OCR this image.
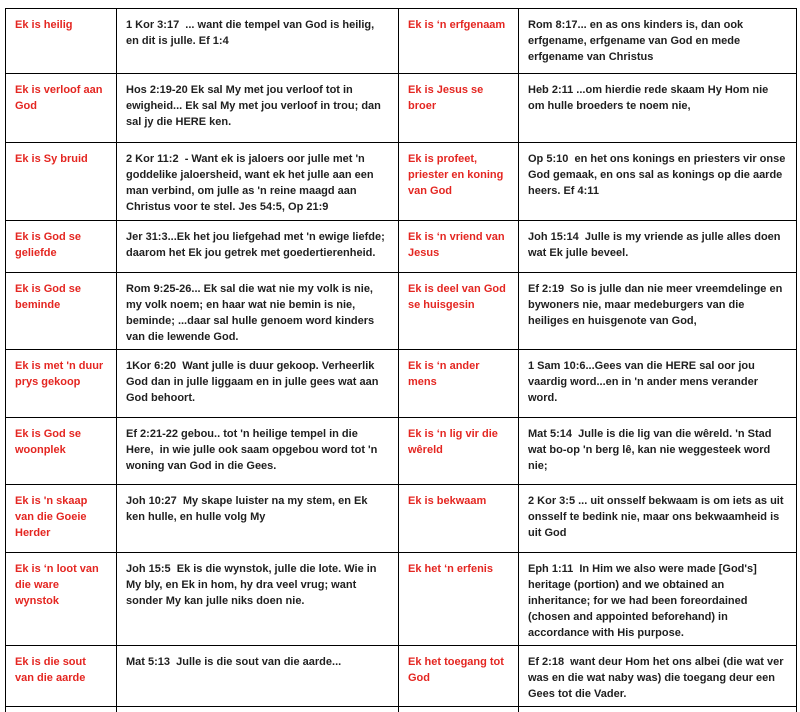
Ek is heilig	1 Kor 3:17  ... want die tempel van God is heilig, en dit is julle. Ef 1:4	Ek is ‘n erfgenaam	Rom 8:17... en as ons kinders is, dan ook erfgename, erfgename van God en mede erfgename van Christus
Ek is verloof aan God	Hos 2:19-20 Ek sal My met jou verloof tot in ewigheid... Ek sal My met jou verloof in trou; dan sal jy die HERE ken.	Ek is Jesus se broer	Heb 2:11 ...om hierdie rede skaam Hy Hom nie om hulle broeders te noem nie,
Ek is Sy bruid	2 Kor 11:2  - Want ek is jaloers oor julle met 'n goddelike jaloersheid, want ek het julle aan een man verbind, om julle as 'n reine maagd aan Christus voor te stel. Jes 54:5, Op 21:9	Ek is profeet, priester en koning van God	Op 5:10  en het ons konings en priesters vir onse God gemaak, en ons sal as konings op die aarde heers. Ef 4:11
Ek is God se geliefde	Jer 31:3...Ek het jou liefgehad met 'n ewige liefde; daarom het Ek jou getrek met goedertierenheid.	Ek is ‘n vriend van Jesus	Joh 15:14  Julle is my vriende as julle alles doen wat Ek julle beveel.
Ek is God se beminde	Rom 9:25-26... Ek sal die wat nie my volk is nie, my volk noem; en haar wat nie bemin is nie, beminde; ...daar sal hulle genoem word kinders van die lewende God.	Ek is deel van God se huisgesin	Ef 2:19  So is julle dan nie meer vreemdelinge en bywoners nie, maar medeburgers van die heiliges en huisgenote van God,
Ek is met 'n duur prys gekoop	1Kor 6:20  Want julle is duur gekoop. Verheerlik God dan in julle liggaam en in julle gees wat aan God behoort.	Ek is ‘n ander mens	1 Sam 10:6...Gees van die HERE sal oor jou vaardig word...en in 'n ander mens verander word.
Ek is God se woonplek	Ef 2:21-22 gebou.. tot 'n heilige tempel in die Here,  in wie julle ook saam opgebou word tot 'n woning van God in die Gees.	Ek is ‘n lig vir die wêreld	Mat 5:14  Julle is die lig van die wêreld. 'n Stad wat bo-op 'n berg lê, kan nie weggesteek word nie;
Ek is 'n skaap van die Goeie Herder	Joh 10:27  My skape luister na my stem, en Ek ken hulle, en hulle volg My	Ek is bekwaam	2 Kor 3:5 ... uit onsself bekwaam is om iets as uit onsself te bedink nie, maar ons bekwaamheid is uit God
Ek is ‘n loot van die ware wynstok	Joh 15:5  Ek is die wynstok, julle die lote. Wie in My bly, en Ek in hom, hy dra veel vrug; want sonder My kan julle niks doen nie.	Ek het ‘n erfenis	Eph 1:11  In Him we also were made [God's] heritage (portion) and we obtained an inheritance; for we had been foreordained (chosen and appointed beforehand) in accordance with His purpose.
Ek is die sout van die aarde	Mat 5:13  Julle is die sout van die aarde...	Ek het toegang tot God	Ef 2:18  want deur Hom het ons albei (die wat ver was en die wat naby was) die toegang deur een Gees tot die Vader.
